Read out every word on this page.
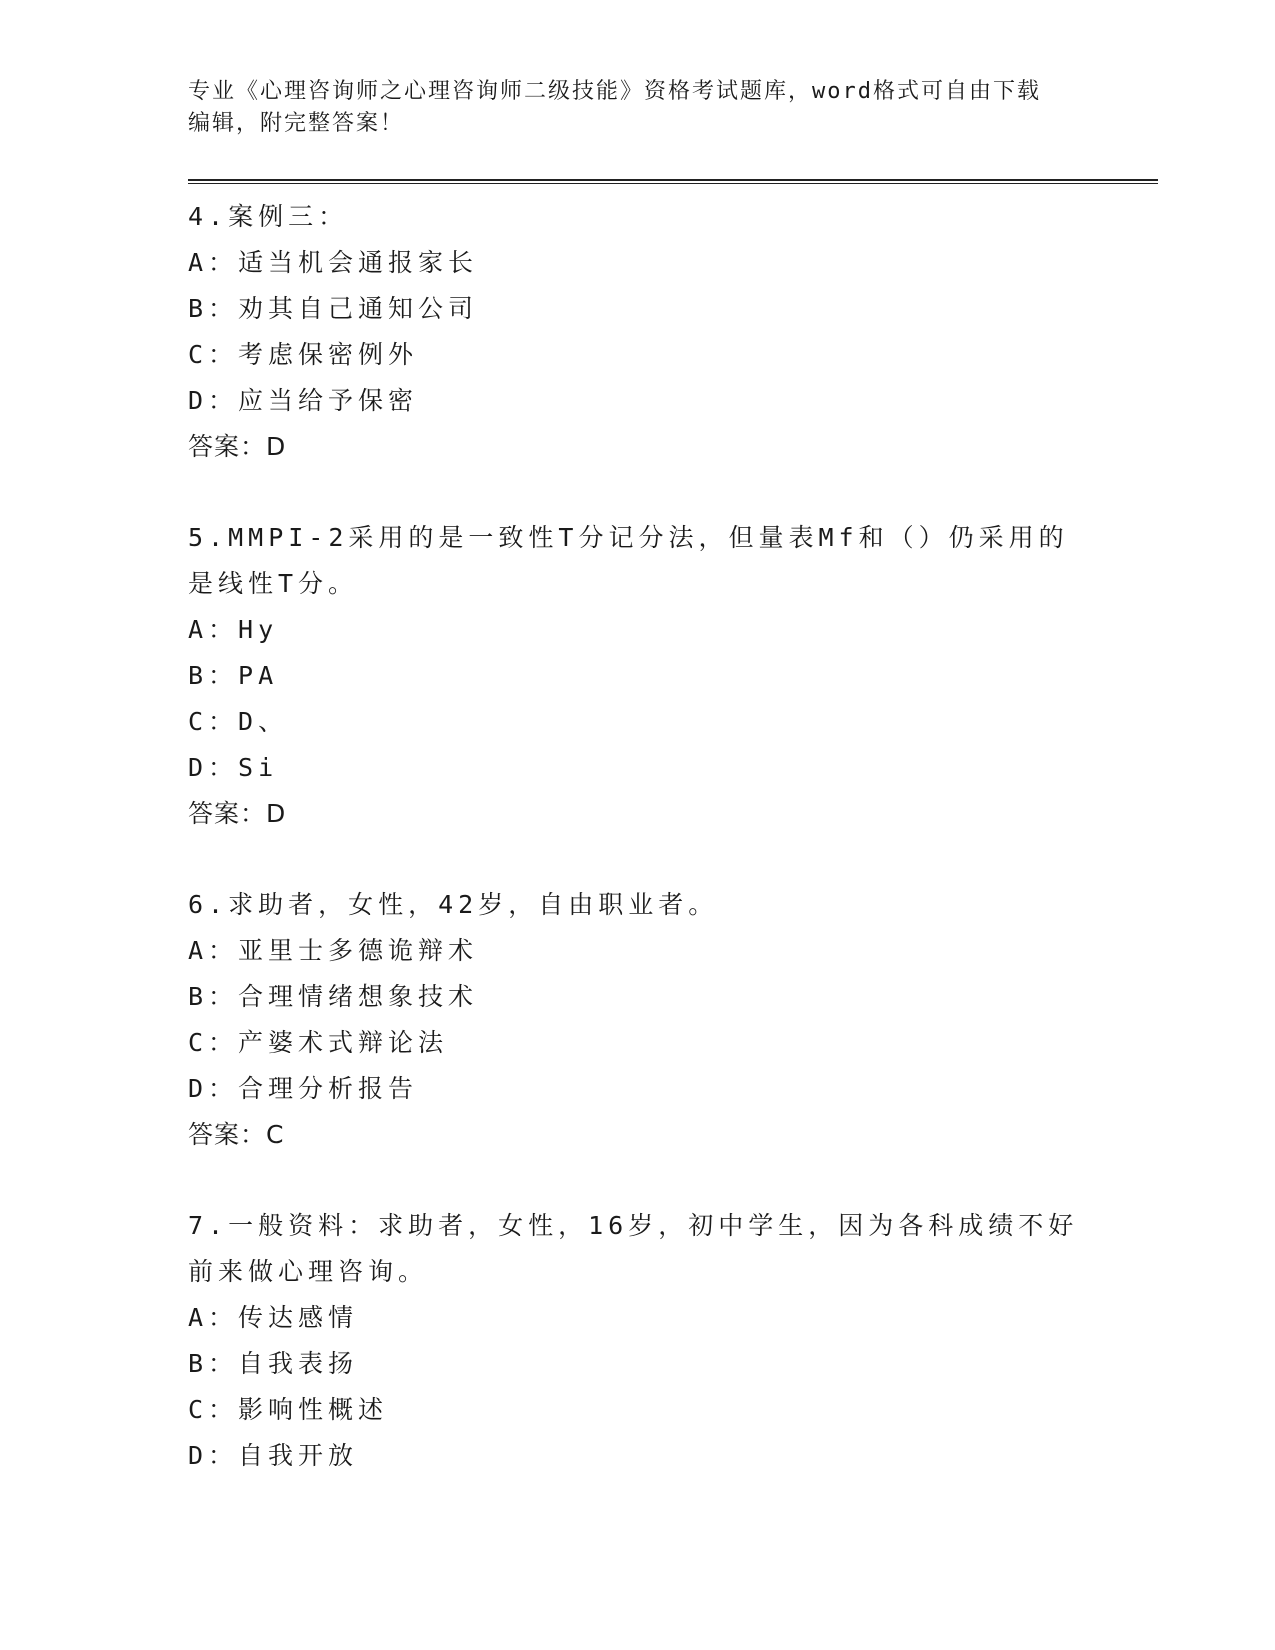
专业《心理咨询师之心理咨询师二级技能》资格考试题库，word格式可自由下载
编辑，附完整答案！
4.案例三：
A：适当机会通报家长
B：劝其自己通知公司
C：考虑保密例外
D：应当给予保密
答案：D
5.MMPI-2采用的是一致性T分记分法，但量表Mf和（）仍采用的是线性T分。
A：Hy
B：PA
C：D、
D：Si
答案：D
6.求助者，女性，42岁，自由职业者。
A：亚里士多德诡辩术
B：合理情绪想象技术
C：产婆术式辩论法
D：合理分析报告
答案：C
7.一般资料：求助者，女性，16岁，初中学生，因为各科成绩不好前来做心理咨询。
A：传达感情
B：自我表扬
C：影响性概述
D：自我开放
